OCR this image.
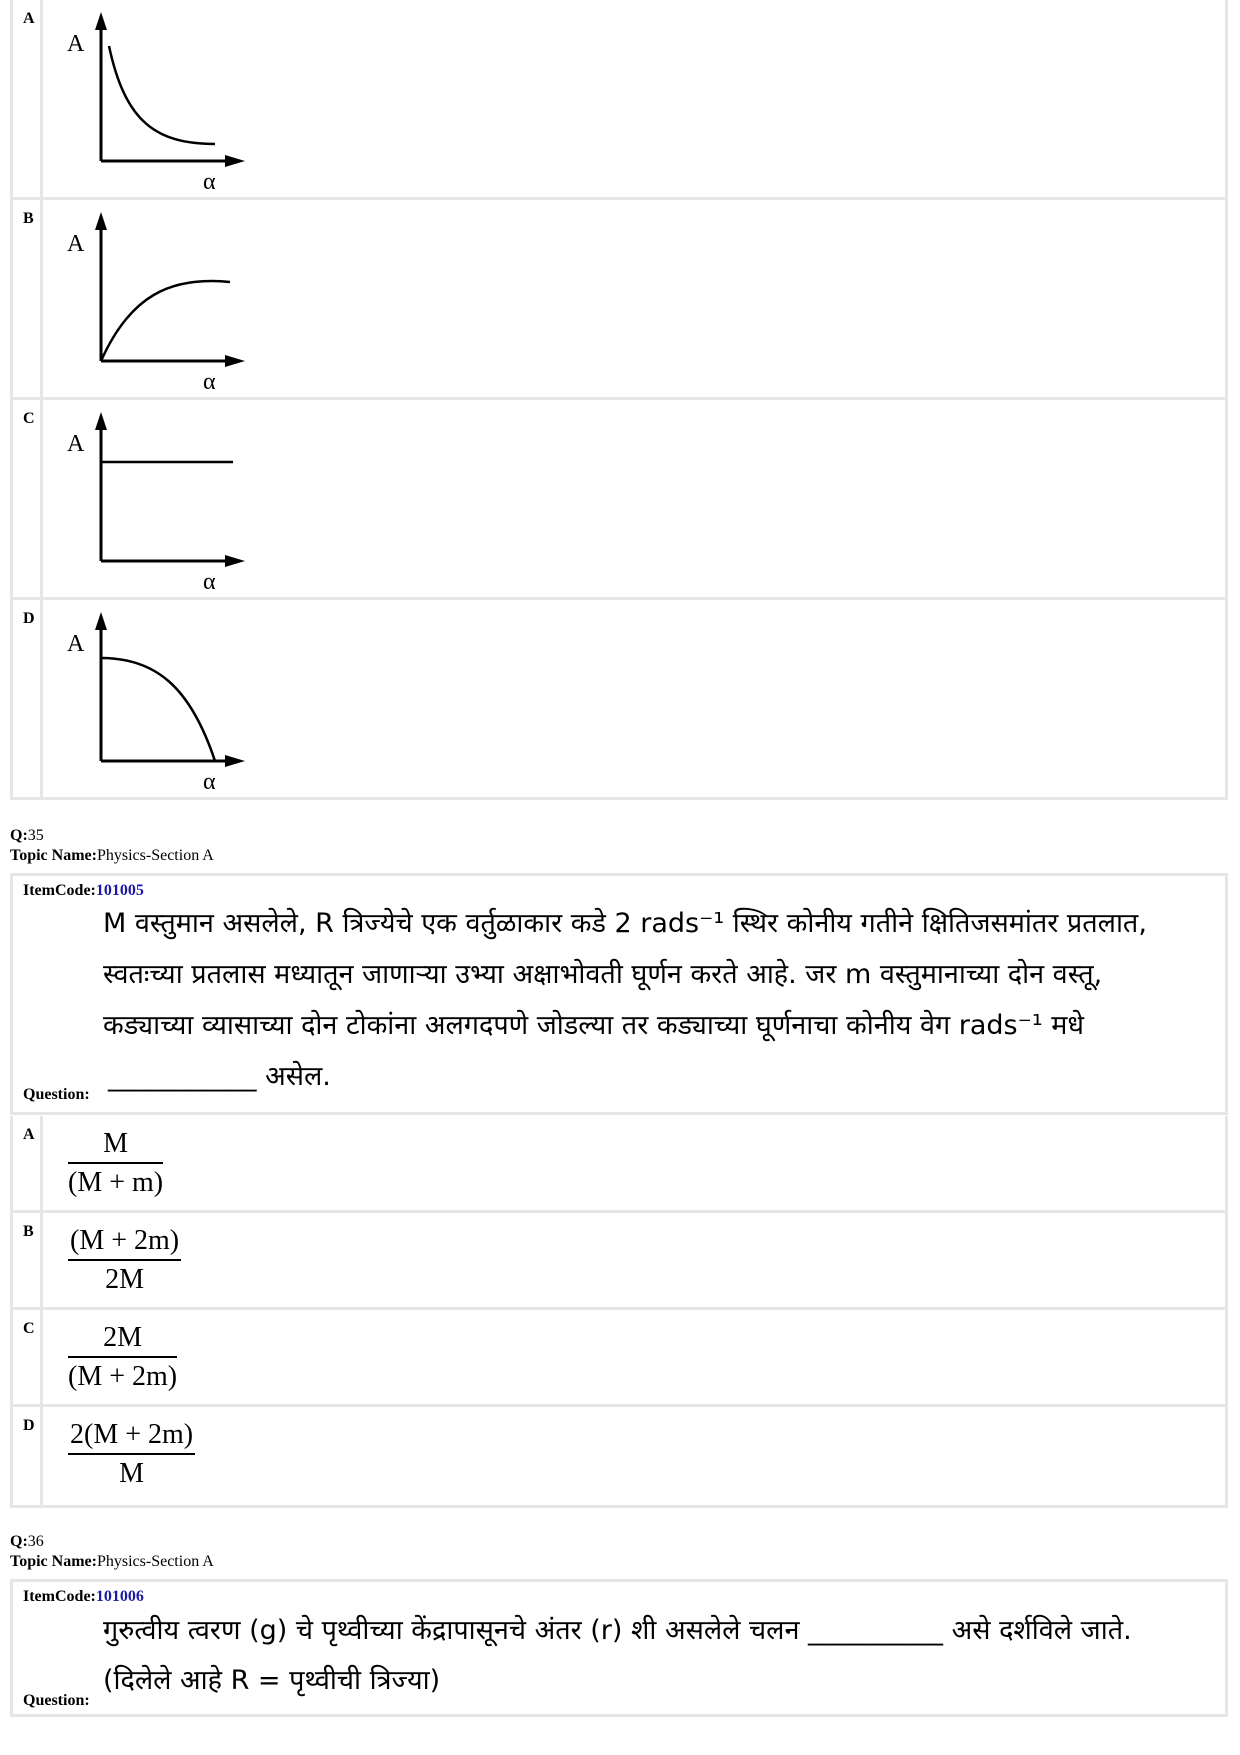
A
A
α
B
A
α
C
A
α
D
A
α
Q:35
Topic Name:Physics-Section A
ItemCode:101005
M वस्तुमान असलेले, R त्रिज्येचे एक वर्तुळाकार कडे 2 rads⁻¹ स्थिर कोनीय गतीने क्षितिजसमांतर प्रतलात,
स्वतःच्या प्रतलास मध्यातून जाणाऱ्या उभ्या अक्षाभोवती घूर्णन करते आहे. जर m वस्तुमानाच्या दोन वस्तू,
कड्याच्या व्यासाच्या दोन टोकांना अलगदपणे जोडल्या तर कड्याच्या घूर्णनाचा कोनीय वेग rads⁻¹ मधे
___________ असेल.
Question:
A $\frac{M}{(M + m)}$
B $\frac{(M + 2m)}{2M}$
C $\frac{2M}{(M + 2m)}$
D $\frac{2(M + 2m)}{M}$
Q:36
Topic Name:Physics-Section A
ItemCode:101006
गुरुत्वीय त्वरण (g) चे पृथ्वीच्या केंद्रापासूनचे अंतर (r) शी असलेले चलन __________ असे दर्शविले जाते.
(दिलेले आहे R = पृथ्वीची त्रिज्या)
Question:
